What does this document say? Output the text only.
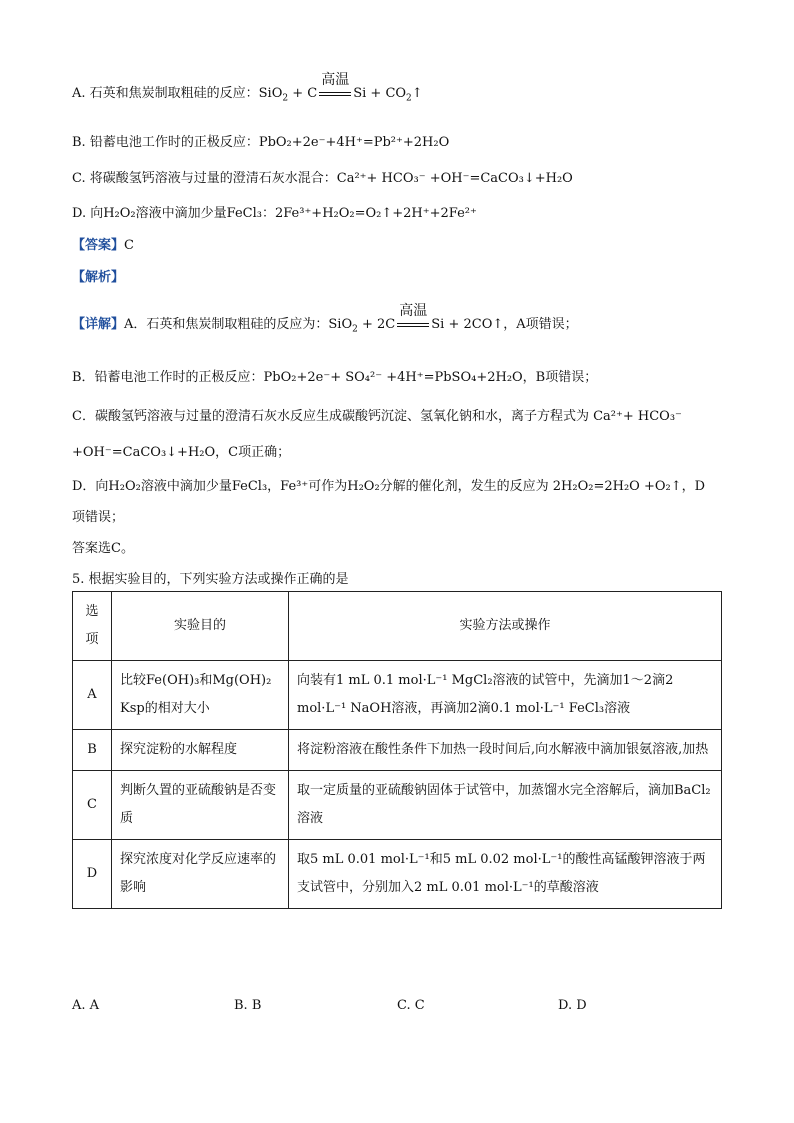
A. 石英和焦炭制取粗硅的反应：SiO$_2$ + C
高温
$Si + CO_2↑$
B. 铅蓄电池工作时的正极反应：PbO₂+2e⁻+4H⁺=Pb²⁺+2H₂O
C. 将碳酸氢钙溶液与过量的澄清石灰水混合：Ca²⁺+ HCO₃⁻ +OH⁻=CaCO₃↓+H₂O
D. 向H₂O₂溶液中滴加少量FeCl₃：2Fe³⁺+H₂O₂=O₂↑+2H⁺+2Fe²⁺
【答案】C
【解析】
【详解】A．石英和焦炭制取粗硅的反应为：SiO$_2$ + 2C
高温
Si + 2CO↑，A项错误；
B．铅蓄电池工作时的正极反应：PbO₂+2e⁻+ SO₄²⁻ +4H⁺=PbSO₄+2H₂O，B项错误；
C．碳酸氢钙溶液与过量的澄清石灰水反应生成碳酸钙沉淀、氢氧化钠和水，离子方程式为 Ca²⁺+ HCO₃⁻
+OH⁻=CaCO₃↓+H₂O，C项正确；
D．向H₂O₂溶液中滴加少量FeCl₃，Fe³⁺可作为H₂O₂分解的催化剂，发生的反应为 2H₂O₂=2H₂O +O₂↑，D
项错误；
答案选C。
5. 根据实验目的，下列实验方法或操作正确的是
选项	实验目的	实验方法或操作
A	比较Fe(OH)₃和Mg(OH)₂ Ksp的相对大小	向装有1 mL 0.1 mol·L⁻¹ MgCl₂溶液的试管中，先滴加1～2滴2 mol·L⁻¹ NaOH溶液，再滴加2滴0.1 mol·L⁻¹ FeCl₃溶液
B	探究淀粉的水解程度	将淀粉溶液在酸性条件下加热一段时间后,向水解液中滴加银氨溶液,加热
C	判断久置的亚硫酸钠是否变质	取一定质量的亚硫酸钠固体于试管中，加蒸馏水完全溶解后，滴加BaCl₂溶液
D	探究浓度对化学反应速率的影响	取5 mL 0.01 mol·L⁻¹和5 mL 0.02 mol·L⁻¹的酸性高锰酸钾溶液于两支试管中，分别加入2 mL 0.01 mol·L⁻¹的草酸溶液
A. A	B. B	C. C	D. D
